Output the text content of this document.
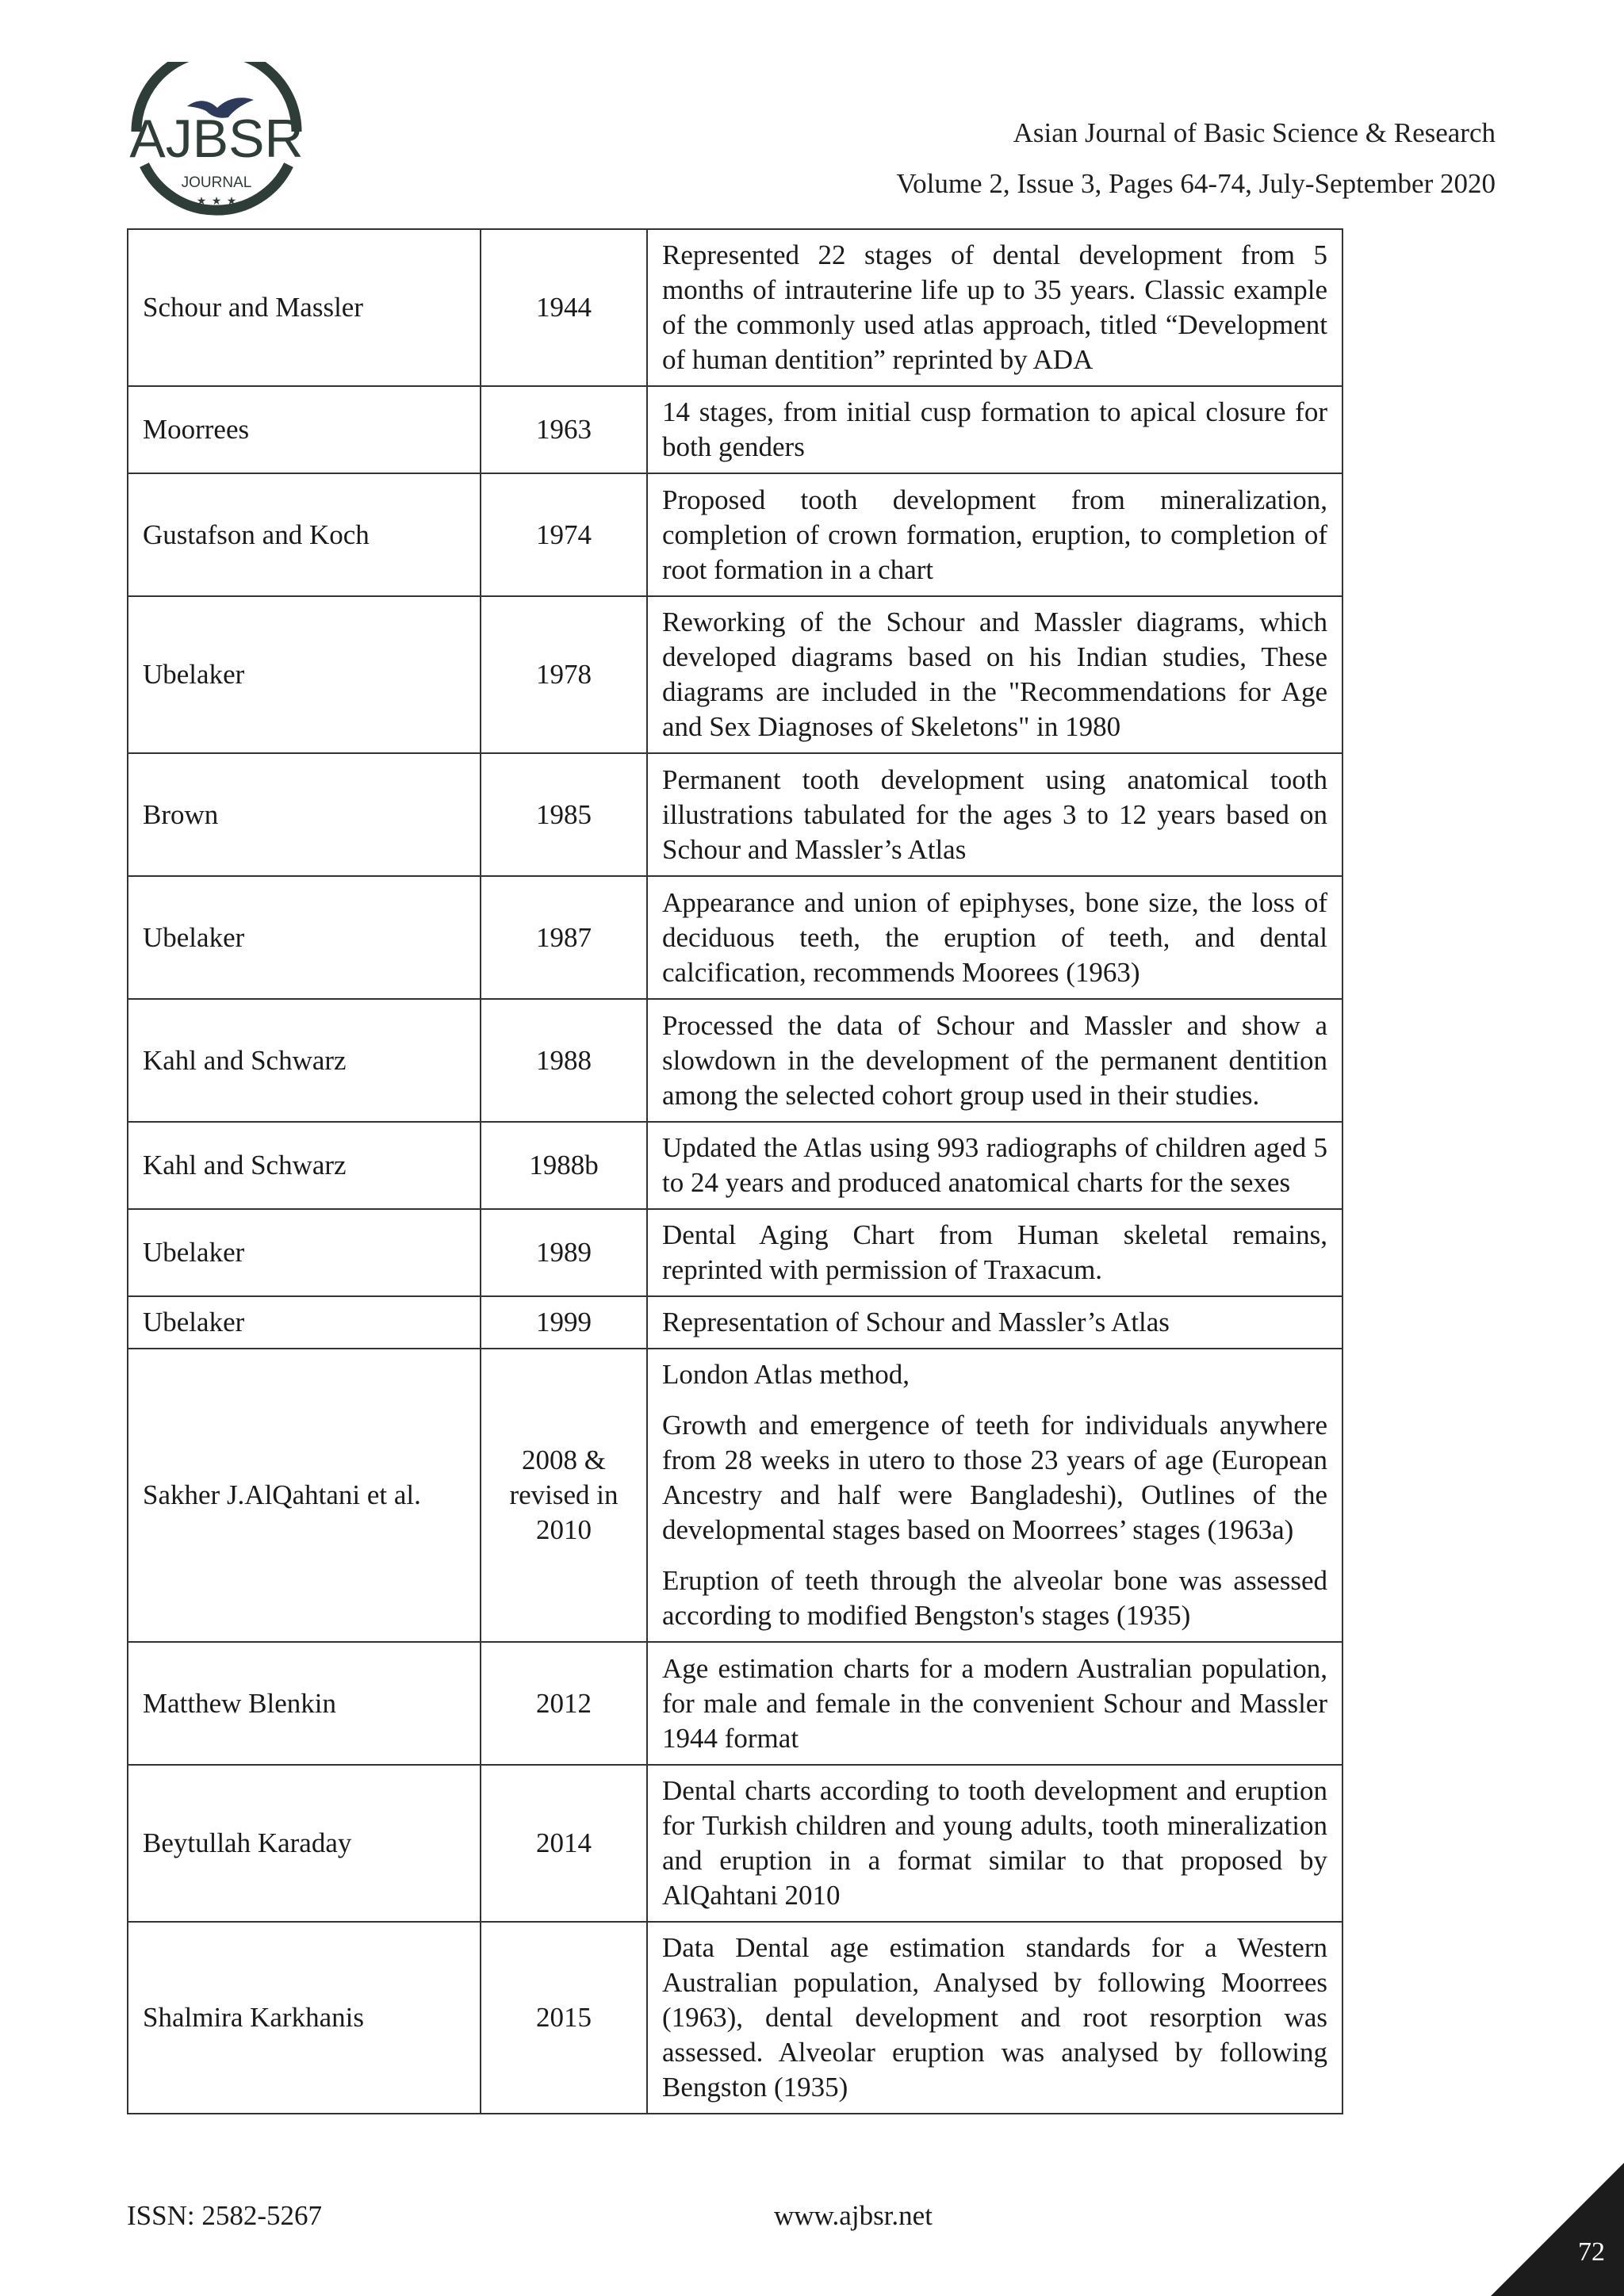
AJBSR
JOURNAL
★ ★ ★
Asian Journal of Basic Science & Research
Volume 2, Issue 3, Pages 64-74, July-September 2020
Schour and Massler	1944	Represented 22 stages of dental development from 5 months of intrauterine life up to 35 years. Classic example of the commonly used atlas approach, titled “Development of human dentition” reprinted by ADA

Moorrees	1963	14 stages, from initial cusp formation to apical closure for both genders

Gustafson and Koch	1974	Proposed tooth development from mineralization, completion of crown formation, eruption, to completion of root formation in a chart

Ubelaker	1978	Reworking of the Schour and Massler diagrams, which developed diagrams based on his Indian studies, These diagrams are included in the "Recommendations for Age and Sex Diagnoses of Skeletons" in 1980

Brown	1985	Permanent tooth development using anatomical tooth illustrations tabulated for the ages 3 to 12 years based on Schour and Massler’s Atlas

Ubelaker	1987	Appearance and union of epiphyses, bone size, the loss of deciduous teeth, the eruption of teeth, and dental calcification, recommends Moorees (1963)

Kahl and Schwarz	1988	Processed the data of Schour and Massler and show a slowdown in the development of the permanent dentition among the selected cohort group used in their studies.

Kahl and Schwarz	1988b	Updated the Atlas using 993 radiographs of children aged 5 to 24 years and produced anatomical charts for the sexes

Ubelaker	1989	Dental Aging Chart from Human skeletal remains, reprinted with permission of Traxacum.

Ubelaker	1999	Representation of Schour and Massler’s Atlas

Sakher J.AlQahtani et al.	2008 & revised in 2010	London Atlas method,
Growth and emergence of teeth for individuals anywhere from 28 weeks in utero to those 23 years of age (European Ancestry and half were Bangladeshi), Outlines of the developmental stages based on Moorrees’ stages (1963a)
Eruption of teeth through the alveolar bone was assessed according to modified Bengston's stages (1935)

Matthew Blenkin	2012	Age estimation charts for a modern Australian population, for male and female in the convenient Schour and Massler 1944 format

Beytullah Karaday	2014	Dental charts according to tooth development and eruption for Turkish children and young adults, tooth mineralization and eruption in a format similar to that proposed by AlQahtani 2010

Shalmira Karkhanis	2015	Data Dental age estimation standards for a Western Australian population, Analysed by following Moorrees (1963), dental development and root resorption was assessed. Alveolar eruption was analysed by following Bengston (1935)
ISSN: 2582-5267	www.ajbsr.net
72
